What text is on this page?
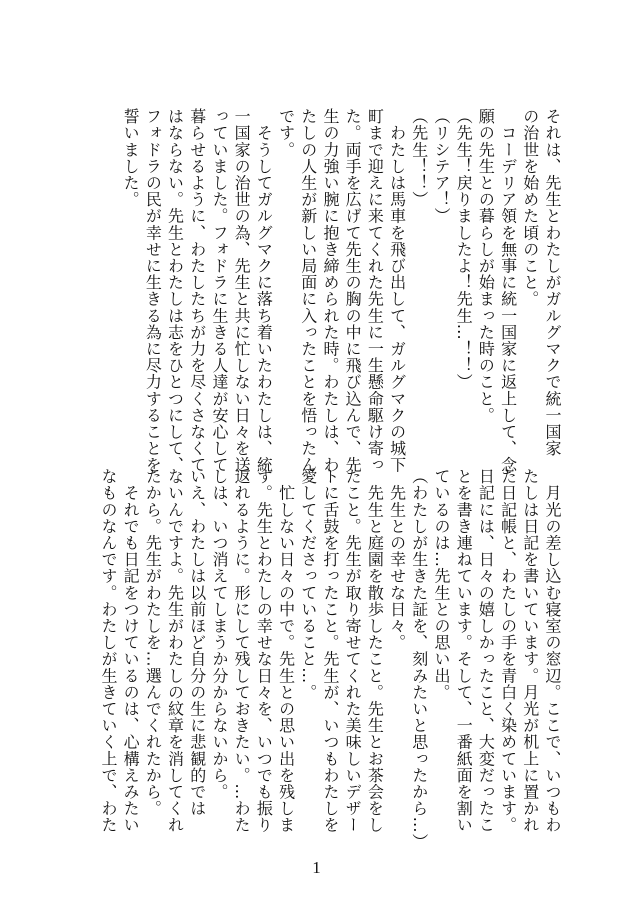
それは、先生とわたしがガルグマクで統一国家
の治世を始めた頃のこと。
　コーデリア領を無事に統一国家に返上して、念
願の先生との暮らしが始まった時のこと。
（先生！戻りましたよ！先生…！！）
（リシテア！）
（先生！！）
　わたしは馬車を飛び出して、ガルグマクの城下
町まで迎えに来てくれた先生に一生懸命駆け寄っ
た。両手を広げて先生の胸の中に飛び込んで、先
生の力強い腕に抱き締められた時。わたしは、わ
たしの人生が新しい局面に入ったことを悟ったん
です。
　そうしてガルグマクに落ち着いたわたしは、統
一国家の治世の為、先生と共に忙しない日々を送
っていました。フォドラに生きる人達が安心して
暮らせるように、わたしたちが力を尽くさなくて
はならない。先生とわたしは志をひとつにして、
フォドラの民が幸せに生きる為に尽力することを
誓いました。
　月光の差し込む寝室の窓辺。ここで、いつもわ
たしは日記を書いています。月光が机上に置かれ
た日記帳と、わたしの手を青白く染めています。
日記には、日々の嬉しかったこと、大変だったこ
とを書き連ねています。そして、一番紙面を割い
ているのは…先生との思い出。
（わたしが生きた証を、刻みたいと思ったから…）
　先生との幸せな日々。
　先生と庭園を散歩したこと。先生とお茶会をし
たこと。先生が取り寄せてくれた美味しいデザー
トに舌鼓を打ったこと。先生が、いつもわたしを
愛してくださっていること…。
　忙しない日々の中で。先生との思い出を残しま
す。先生とわたしの幸せな日々を、いつでも振り
返れるように。形にして残しておきたい。…わた
しは、いつ消えてしまうか分からないから。
いえ、わたしは以前ほど自分の生に悲観的では
ないんですよ。先生がわたしの紋章を消してくれ
たから。先生がわたしを…選んでくれたから。
　それでも日記をつけているのは、心構えみたい
なものなんです。わたしが生きていく上で、わた
1
